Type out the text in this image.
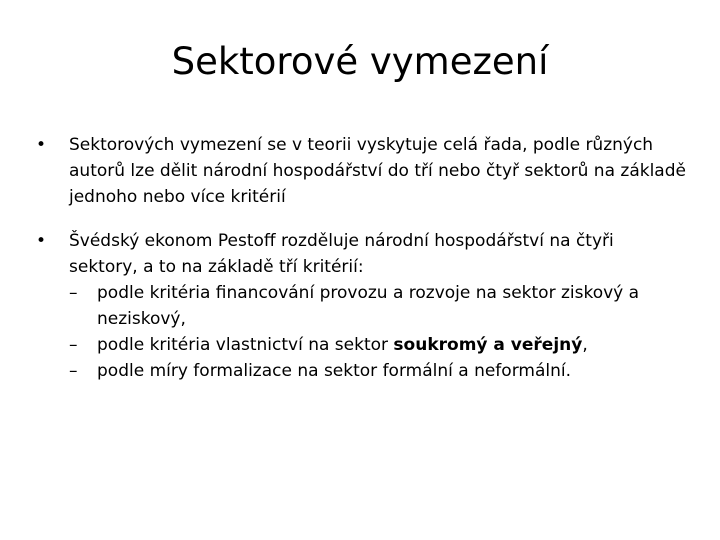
Sektorové vymezení
•	Sektorových vymezení se v teorii vyskytuje celá řada, podle různých autorů lze dělit národní hospodářství do tří nebo čtyř sektorů na základě jednoho nebo více kritérií
•	Švédský ekonom Pestoff rozděluje národní hospodářství na čtyři sektory, a to na základě tří kritérií:
– podle kritéria financování provozu a rozvoje na sektor ziskový a neziskový,
– podle kritéria vlastnictví na sektor soukromý a veřejný,
– podle míry formalizace na sektor formální a neformální.
